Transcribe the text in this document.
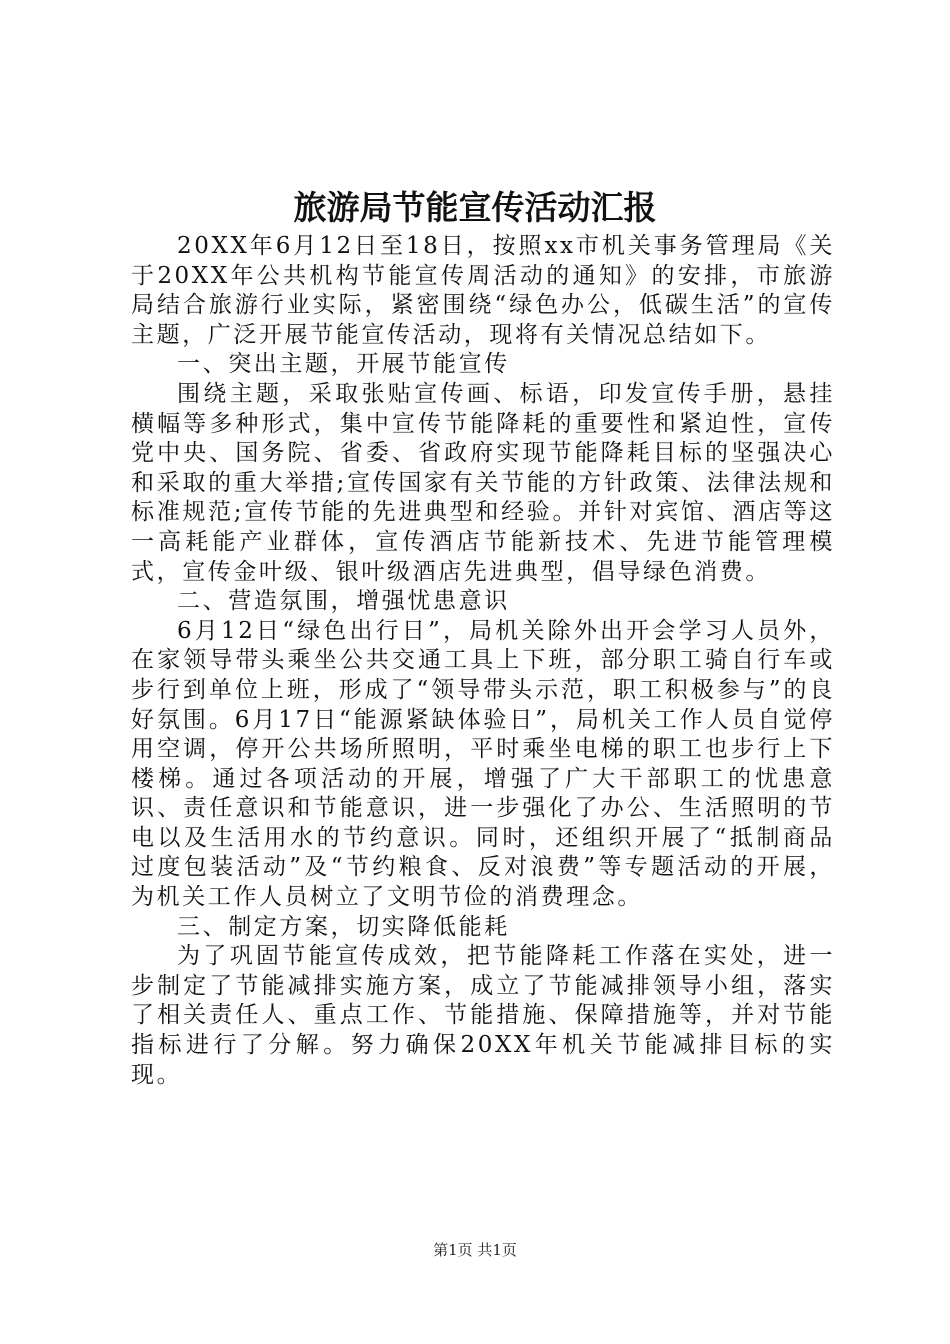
旅游局节能宣传活动汇报

20XX年6月12日至18日，按照xx市机关事务管理局《关于20XX年公共机构节能宣传周活动的通知》的安排，市旅游局结合旅游行业实际，紧密围绕“绿色办公，低碳生活”的宣传主题，广泛开展节能宣传活动，现将有关情况总结如下。

一、突出主题，开展节能宣传

围绕主题，采取张贴宣传画、标语，印发宣传手册，悬挂横幅等多种形式，集中宣传节能降耗的重要性和紧迫性，宣传党中央、国务院、省委、省政府实现节能降耗目标的坚强决心和采取的重大举措;宣传国家有关节能的方针政策、法律法规和标准规范;宣传节能的先进典型和经验。并针对宾馆、酒店等这一高耗能产业群体，宣传酒店节能新技术、先进节能管理模式，宣传金叶级、银叶级酒店先进典型，倡导绿色消费。

二、营造氛围，增强忧患意识

6月12日“绿色出行日”，局机关除外出开会学习人员外，在家领导带头乘坐公共交通工具上下班，部分职工骑自行车或步行到单位上班，形成了“领导带头示范，职工积极参与”的良好氛围。6月17日“能源紧缺体验日”，局机关工作人员自觉停用空调，停开公共场所照明，平时乘坐电梯的职工也步行上下楼梯。通过各项活动的开展，增强了广大干部职工的忧患意识、责任意识和节能意识，进一步强化了办公、生活照明的节电以及生活用水的节约意识。同时，还组织开展了“抵制商品过度包装活动”及“节约粮食、反对浪费”等专题活动的开展，为机关工作人员树立了文明节俭的消费理念。

三、制定方案，切实降低能耗

为了巩固节能宣传成效，把节能降耗工作落在实处，进一步制定了节能减排实施方案，成立了节能减排领导小组，落实了相关责任人、重点工作、节能措施、保障措施等，并对节能指标进行了分解。努力确保20XX年机关节能减排目标的实现。

第1页 共1页
